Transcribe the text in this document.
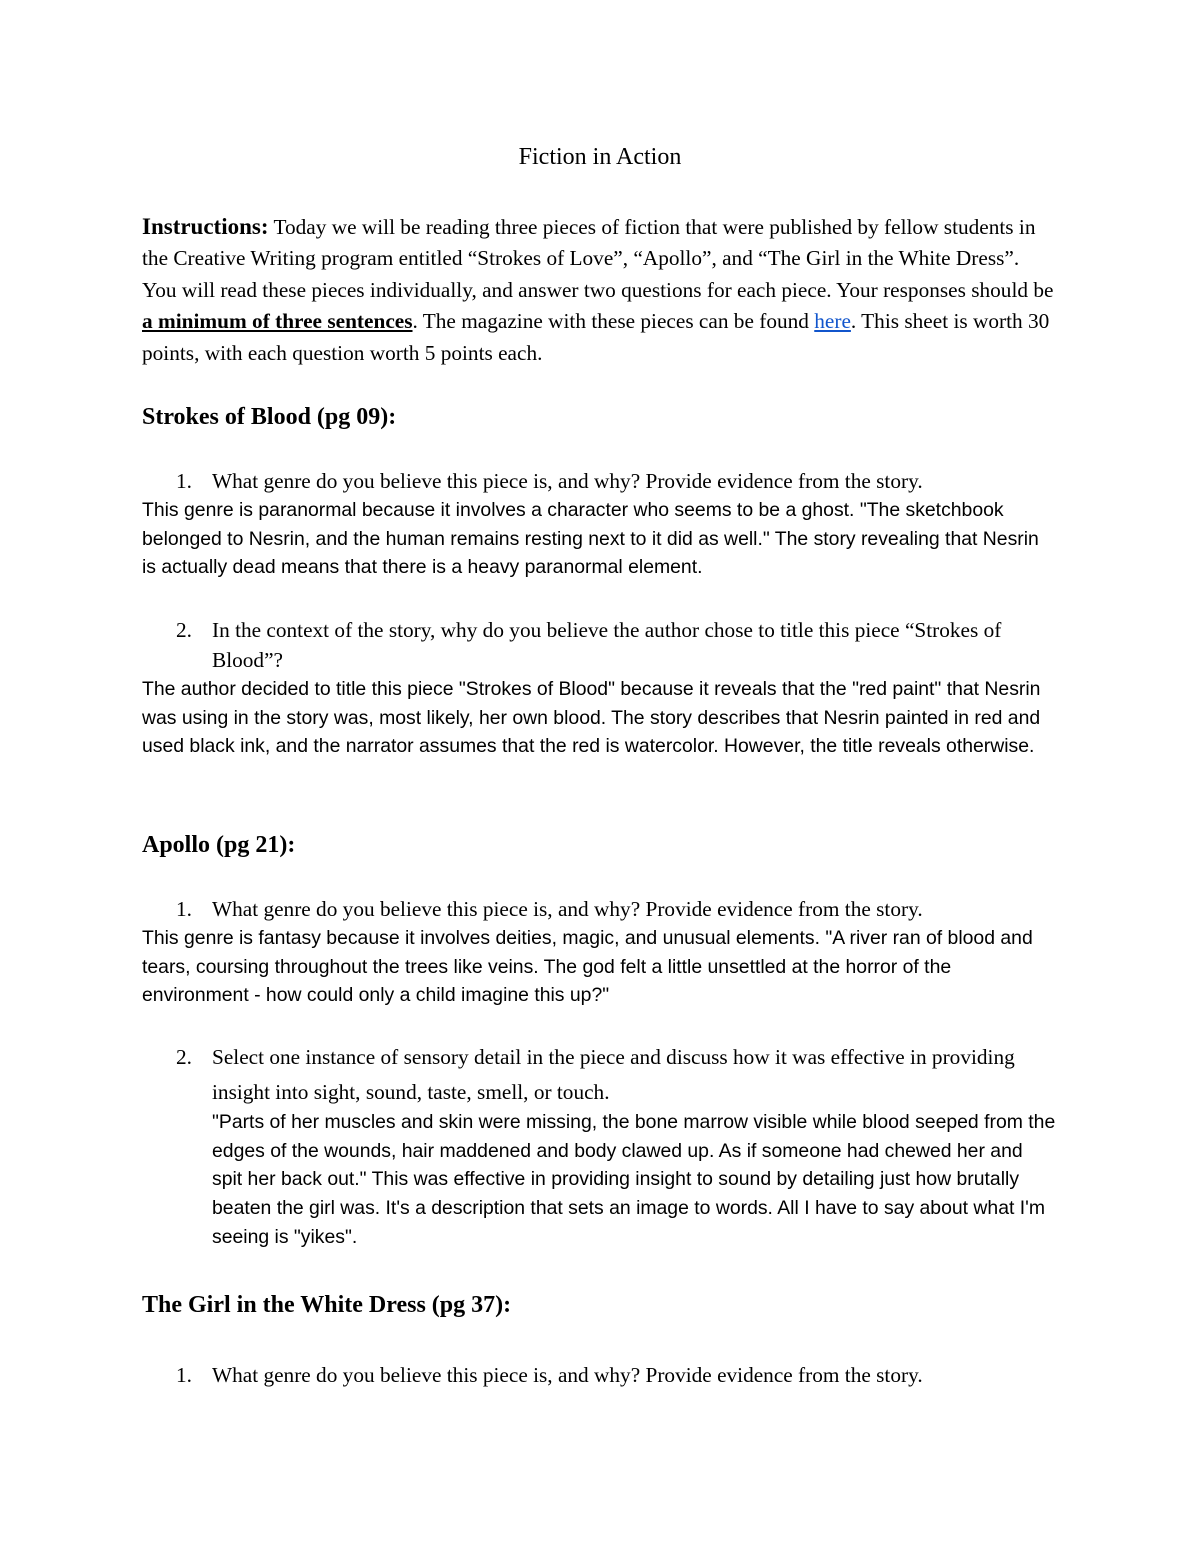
Fiction in Action
Instructions: Today we will be reading three pieces of fiction that were published by fellow students in the Creative Writing program entitled “Strokes of Love”, “Apollo”, and “The Girl in the White Dress”. You will read these pieces individually, and answer two questions for each piece. Your responses should be a minimum of three sentences. The magazine with these pieces can be found here. This sheet is worth 30 points, with each question worth 5 points each.
Strokes of Blood (pg 09):
1. What genre do you believe this piece is, and why? Provide evidence from the story.
This genre is paranormal because it involves a character who seems to be a ghost. "The sketchbook belonged to Nesrin, and the human remains resting next to it did as well." The story revealing that Nesrin is actually dead means that there is a heavy paranormal element.
2. In the context of the story, why do you believe the author chose to title this piece “Strokes of Blood”?
The author decided to title this piece "Strokes of Blood" because it reveals that the "red paint" that Nesrin was using in the story was, most likely, her own blood. The story describes that Nesrin painted in red and used black ink, and the narrator assumes that the red is watercolor. However, the title reveals otherwise.
Apollo (pg 21):
1. What genre do you believe this piece is, and why? Provide evidence from the story.
This genre is fantasy because it involves deities, magic, and unusual elements. "A river ran of blood and tears, coursing throughout the trees like veins. The god felt a little unsettled at the horror of the environment - how could only a child imagine this up?"
2. Select one instance of sensory detail in the piece and discuss how it was effective in providing insight into sight, sound, taste, smell, or touch.
"Parts of her muscles and skin were missing, the bone marrow visible while blood seeped from the edges of the wounds, hair maddened and body clawed up. As if someone had chewed her and spit her back out." This was effective in providing insight to sound by detailing just how brutally beaten the girl was. It's a description that sets an image to words. All I have to say about what I'm seeing is "yikes".
The Girl in the White Dress (pg 37):
1. What genre do you believe this piece is, and why? Provide evidence from the story.
